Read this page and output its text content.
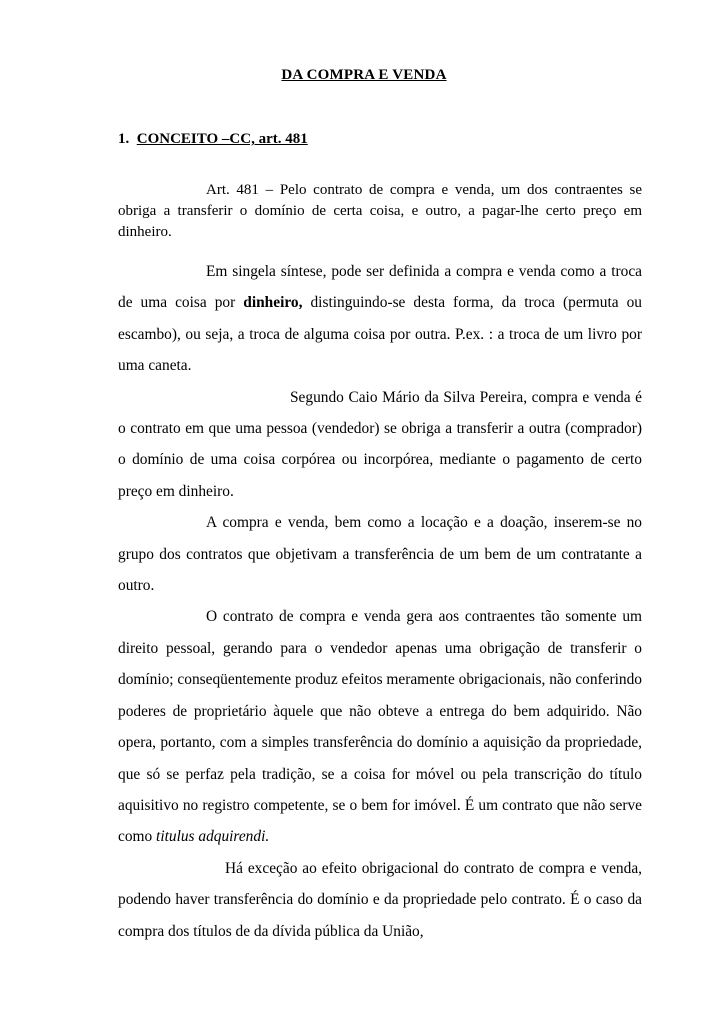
DA COMPRA E VENDA
1. CONCEITO –CC, art. 481

Art. 481 – Pelo contrato de compra e venda, um dos contraentes se obriga a transferir o domínio de certa coisa, e outro, a pagar-lhe certo preço em dinheiro.

Em singela síntese, pode ser definida a compra e venda como a troca de uma coisa por dinheiro, distinguindo-se desta forma, da troca (permuta ou escambo), ou seja, a troca de alguma coisa por outra. P.ex. : a troca de um livro por uma caneta.

Segundo Caio Mário da Silva Pereira, compra e venda é o contrato em que uma pessoa (vendedor) se obriga a transferir a outra (comprador) o domínio de uma coisa corpórea ou incorpórea, mediante o pagamento de certo preço em dinheiro.

A compra e venda, bem como a locação e a doação, inserem-se no grupo dos contratos que objetivam a transferência de um bem de um contratante a outro.

O contrato de compra e venda gera aos contraentes tão somente um direito pessoal, gerando para o vendedor apenas uma obrigação de transferir o domínio; conseqüentemente produz efeitos meramente obrigacionais, não conferindo poderes de proprietário àquele que não obteve a entrega do bem adquirido. Não opera, portanto, com a simples transferência do domínio a aquisição da propriedade, que só se perfaz pela tradição, se a coisa for móvel ou pela transcrição do título aquisitivo no registro competente, se o bem for imóvel. É um contrato que não serve como titulus adquirendi.

Há exceção ao efeito obrigacional do contrato de compra e venda, podendo haver transferência do domínio e da propriedade pelo contrato. É o caso da compra dos títulos de da dívida pública da União,
